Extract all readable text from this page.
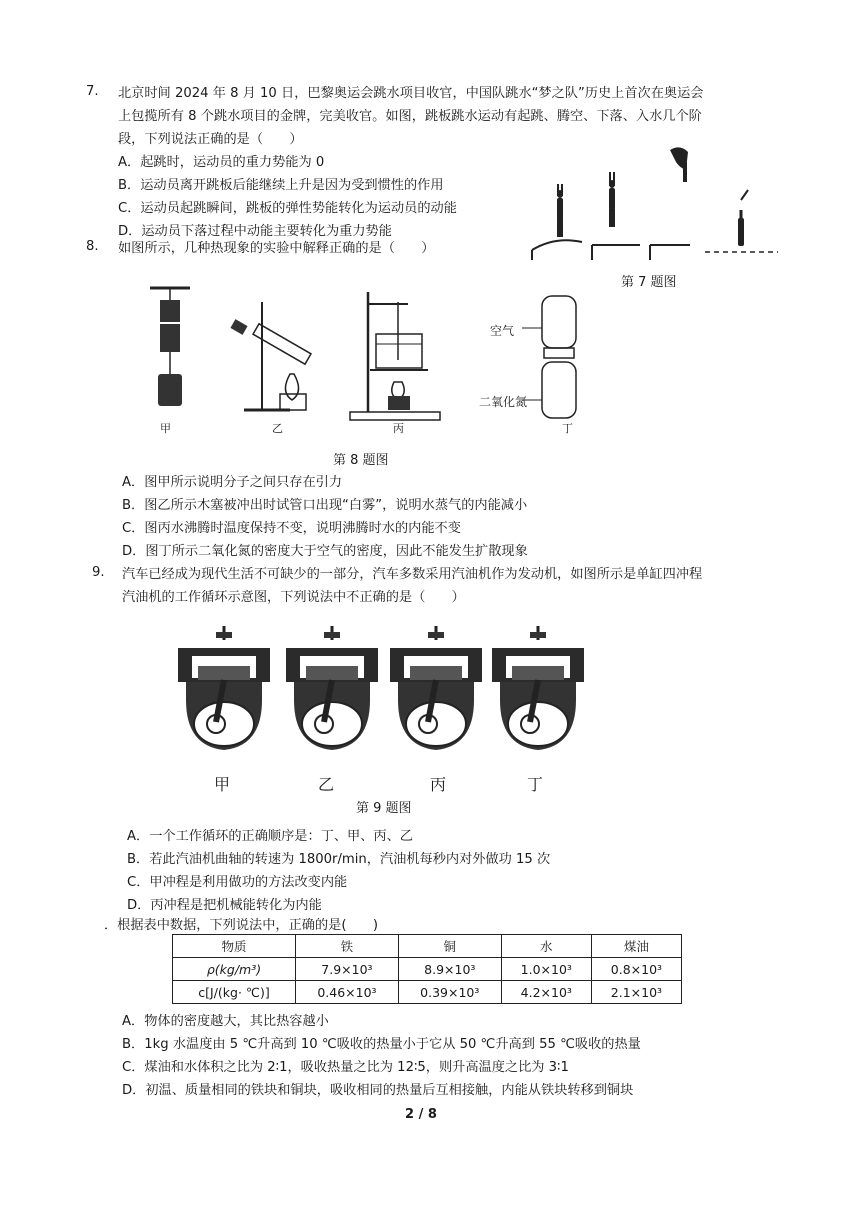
7. 北京时间 2024 年 8 月 10 日，巴黎奥运会跳水项目收官，中国队跳水“梦之队”历史上首次在奥运会
上包揽所有 8 个跳水项目的金牌，完美收官。如图，跳板跳水运动有起跳、腾空、下落、入水几个阶
段，下列说法正确的是（　　）
A．起跳时，运动员的重力势能为 0
B．运动员离开跳板后能继续上升是因为受到惯性的作用
C．运动员起跳瞬间，跳板的弹性势能转化为运动员的动能
D．运动员下落过程中动能主要转化为重力势能
第 7 题图
8. 如图所示，几种热现象的实验中解释正确的是（　　）
空气
二氧化氮
甲	乙	丙	丁
第 8 题图
A．图甲所示说明分子之间只存在引力
B．图乙所示木塞被冲出时试管口出现“白雾”，说明水蒸气的内能减小
C．图丙水沸腾时温度保持不变，说明沸腾时水的内能不变
D．图丁所示二氧化氮的密度大于空气的密度，因此不能发生扩散现象
9. 汽车已经成为现代生活不可缺少的一部分，汽车多数采用汽油机作为发动机，如图所示是单缸四冲程
汽油机的工作循环示意图，下列说法中不正确的是（　　）
甲	乙	丙	丁
第 9 题图
A．一个工作循环的正确顺序是：丁、甲、丙、乙
B．若此汽油机曲轴的转速为 1800r/min，汽油机每秒内对外做功 15 次
C．甲冲程是利用做功的方法改变内能
D．丙冲程是把机械能转化为内能
．根据表中数据，下列说法中，正确的是(　　)
物质	铁	铜	水	煤油
ρ(kg/m³)	7.9×10³	8.9×10³	1.0×10³	0.8×10³
c[J/(kg· ℃)]	0.46×10³	0.39×10³	4.2×10³	2.1×10³
A．物体的密度越大，其比热容越小
B．1kg 水温度由 5 ℃升高到 10 ℃吸收的热量小于它从 50 ℃升高到 55 ℃吸收的热量
C．煤油和水体积之比为 2∶1，吸收热量之比为 12∶5，则升高温度之比为 3∶1
D．初温、质量相同的铁块和铜块，吸收相同的热量后互相接触，内能从铁块转移到铜块
2 / 8
